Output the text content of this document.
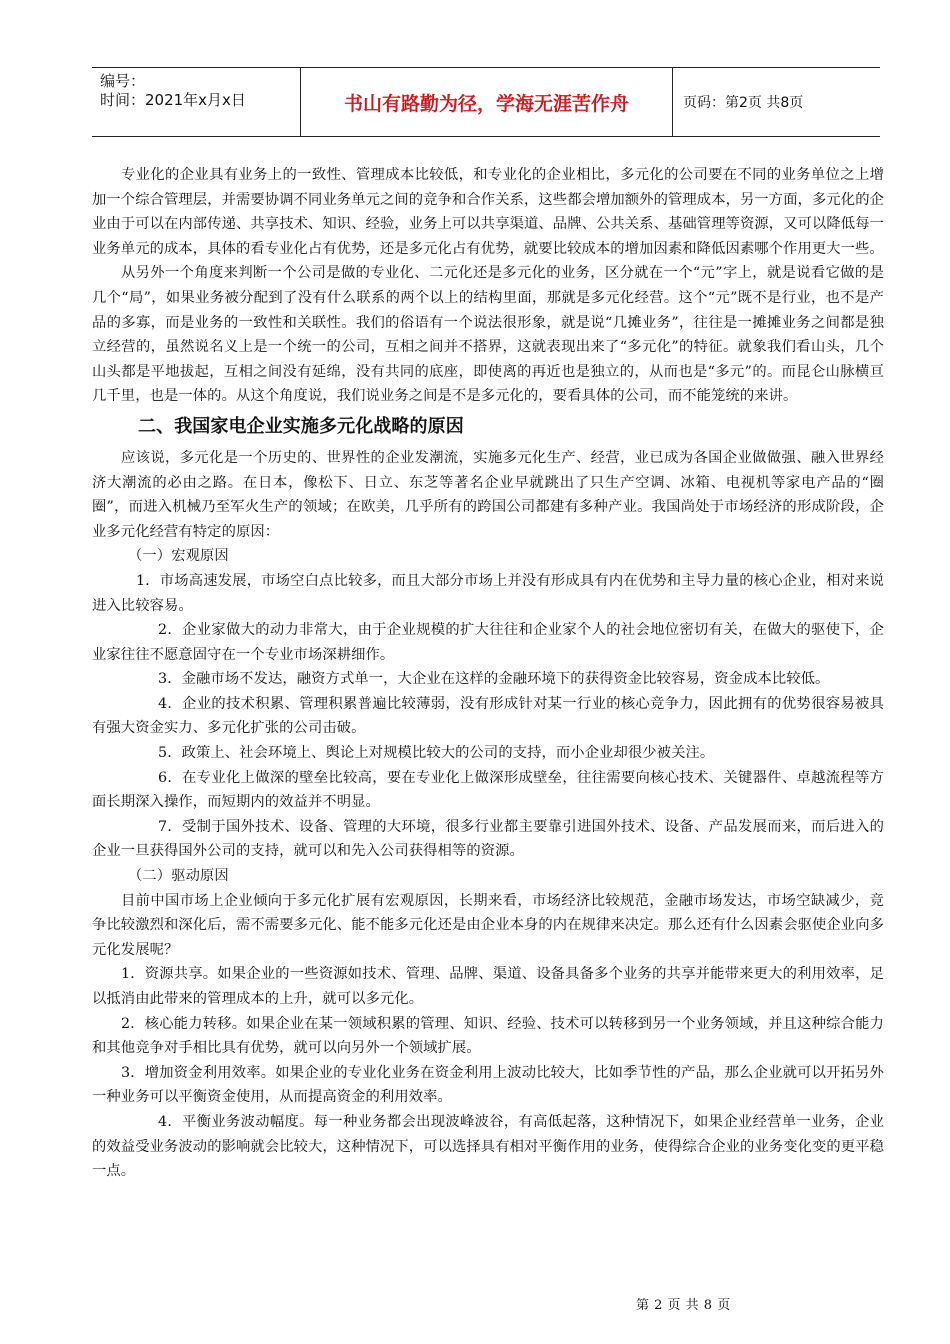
编号：
时间：2021年x月x日	书山有路勤为径，学海无涯苦作舟	页码：第2页 共8页

专业化的企业具有业务上的一致性、管理成本比较低，和专业化的企业相比，多元化的公司要在不同的业务单位之上增加一个综合管理层，并需要协调不同业务单元之间的竞争和合作关系，这些都会增加额外的管理成本，另一方面，多元化的企业由于可以在内部传递、共享技术、知识、经验，业务上可以共享渠道、品牌、公共关系、基础管理等资源，又可以降低每一业务单元的成本，具体的看专业化占有优势，还是多元化占有优势，就要比较成本的增加因素和降低因素哪个作用更大一些。

从另外一个角度来判断一个公司是做的专业化、二元化还是多元化的业务，区分就在一个“元”字上，就是说看它做的是几个“局”，如果业务被分配到了没有什么联系的两个以上的结构里面，那就是多元化经营。这个“元”既不是行业，也不是产品的多寡，而是业务的一致性和关联性。我们的俗语有一个说法很形象，就是说“几摊业务”，往往是一摊摊业务之间都是独立经营的，虽然说名义上是一个统一的公司，互相之间并不搭界，这就表现出来了“多元化”的特征。就象我们看山头，几个山头都是平地拔起，互相之间没有延绵，没有共同的底座，即使离的再近也是独立的，从而也是“多元”的。而昆仑山脉横亘几千里，也是一体的。从这个角度说，我们说业务之间是不是多元化的，要看具体的公司，而不能笼统的来讲。

二、我国家电企业实施多元化战略的原因

应该说，多元化是一个历史的、世界性的企业发潮流，实施多元化生产、经营，业已成为各国企业做做强、融入世界经济大潮流的必由之路。在日本，像松下、日立、东芝等著名企业早就跳出了只生产空调、冰箱、电视机等家电产品的“圈圈”，而进入机械乃至军火生产的领域；在欧美，几乎所有的跨国公司都建有多种产业。我国尚处于市场经济的形成阶段，企业多元化经营有特定的原因：

（一）宏观原因

1．市场高速发展，市场空白点比较多，而且大部分市场上并没有形成具有内在优势和主导力量的核心企业，相对来说进入比较容易。

2．企业家做大的动力非常大，由于企业规模的扩大往往和企业家个人的社会地位密切有关，在做大的驱使下，企业家往往不愿意固守在一个专业市场深耕细作。

3．金融市场不发达，融资方式单一，大企业在这样的金融环境下的获得资金比较容易，资金成本比较低。

4．企业的技术积累、管理积累普遍比较薄弱，没有形成针对某一行业的核心竞争力，因此拥有的优势很容易被具有强大资金实力、多元化扩张的公司击破。

5．政策上、社会环境上、舆论上对规模比较大的公司的支持，而小企业却很少被关注。

6．在专业化上做深的壁垒比较高，要在专业化上做深形成壁垒，往往需要向核心技术、关键器件、卓越流程等方面长期深入操作，而短期内的效益并不明显。

7．受制于国外技术、设备、管理的大环境，很多行业都主要靠引进国外技术、设备、产品发展而来，而后进入的企业一旦获得国外公司的支持，就可以和先入公司获得相等的资源。

（二）驱动原因

目前中国市场上企业倾向于多元化扩展有宏观原因，长期来看，市场经济比较规范，金融市场发达，市场空缺减少，竞争比较激烈和深化后，需不需要多元化、能不能多元化还是由企业本身的内在规律来决定。那么还有什么因素会驱使企业向多元化发展呢？

1．资源共享。如果企业的一些资源如技术、管理、品牌、渠道、设备具备多个业务的共享并能带来更大的利用效率，足以抵消由此带来的管理成本的上升，就可以多元化。

2．核心能力转移。如果企业在某一领域积累的管理、知识、经验、技术可以转移到另一个业务领域，并且这种综合能力和其他竞争对手相比具有优势，就可以向另外一个领域扩展。

3．增加资金利用效率。如果企业的专业化业务在资金利用上波动比较大，比如季节性的产品，那么企业就可以开拓另外一种业务可以平衡资金使用，从而提高资金的利用效率。

4．平衡业务波动幅度。每一种业务都会出现波峰波谷，有高低起落，这种情况下，如果企业经营单一业务，企业的效益受业务波动的影响就会比较大，这种情况下，可以选择具有相对平衡作用的业务，使得综合企业的业务变化变的更平稳一点。

第 2 页 共 8 页
